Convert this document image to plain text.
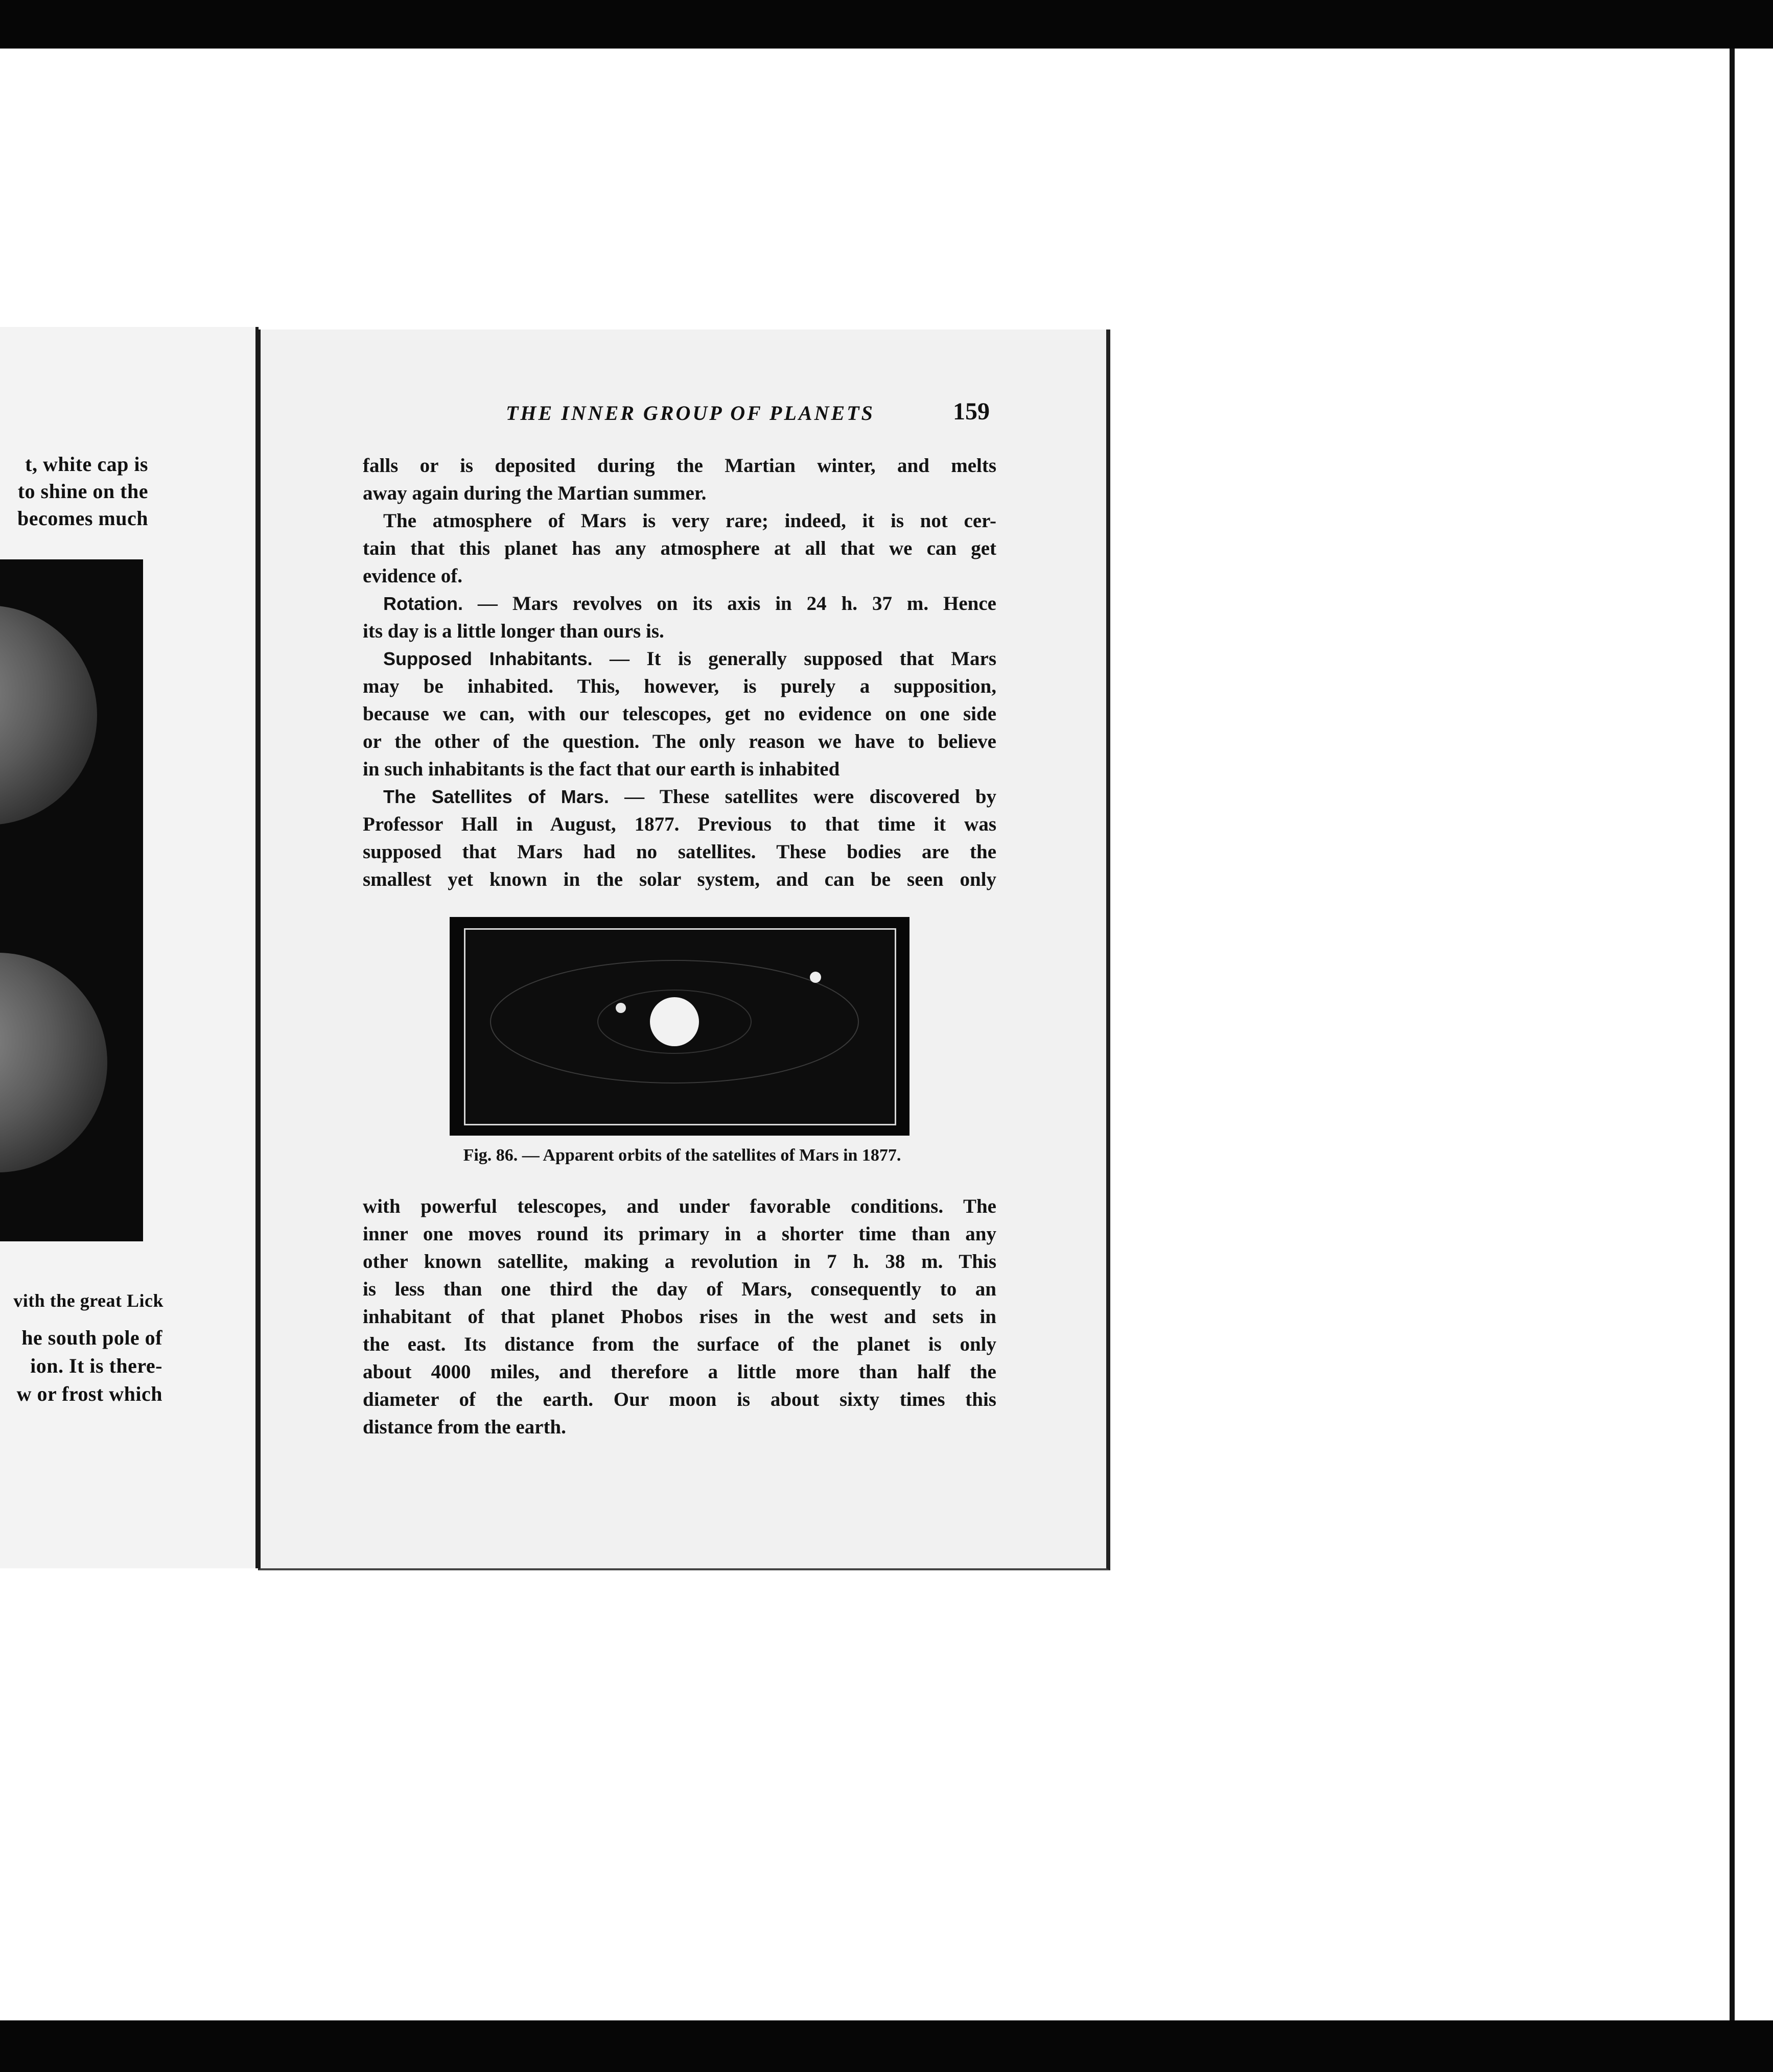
t, white cap is
to shine on the
becomes much
vith the great Lick
he south pole of
ion. It is there-
w or frost which
THE INNER GROUP OF PLANETS	159
falls or is deposited during the Martian winter, and melts
away again during the Martian summer.
The atmosphere of Mars is very rare; indeed, it is not cer-
tain that this planet has any atmosphere at all that we can get
evidence of.
Rotation. — Mars revolves on its axis in 24 h. 37 m. Hence
its day is a little longer than ours is.
Supposed Inhabitants. — It is generally supposed that Mars
may be inhabited. This, however, is purely a supposition,
because we can, with our telescopes, get no evidence on one side
or the other of the question. The only reason we have to believe
in such inhabitants is the fact that our earth is inhabited
The Satellites of Mars. — These satellites were discovered by
Professor Hall in August, 1877. Previous to that time it was
supposed that Mars had no satellites. These bodies are the
smallest yet known in the solar system, and can be seen only
Fig. 86. — Apparent orbits of the satellites of Mars in 1877.
with powerful telescopes, and under favorable conditions. The
inner one moves round its primary in a shorter time than any
other known satellite, making a revolution in 7 h. 38 m. This
is less than one third the day of Mars, consequently to an
inhabitant of that planet Phobos rises in the west and sets in
the east. Its distance from the surface of the planet is only
about 4000 miles, and therefore a little more than half the
diameter of the earth. Our moon is about sixty times this
distance from the earth.
